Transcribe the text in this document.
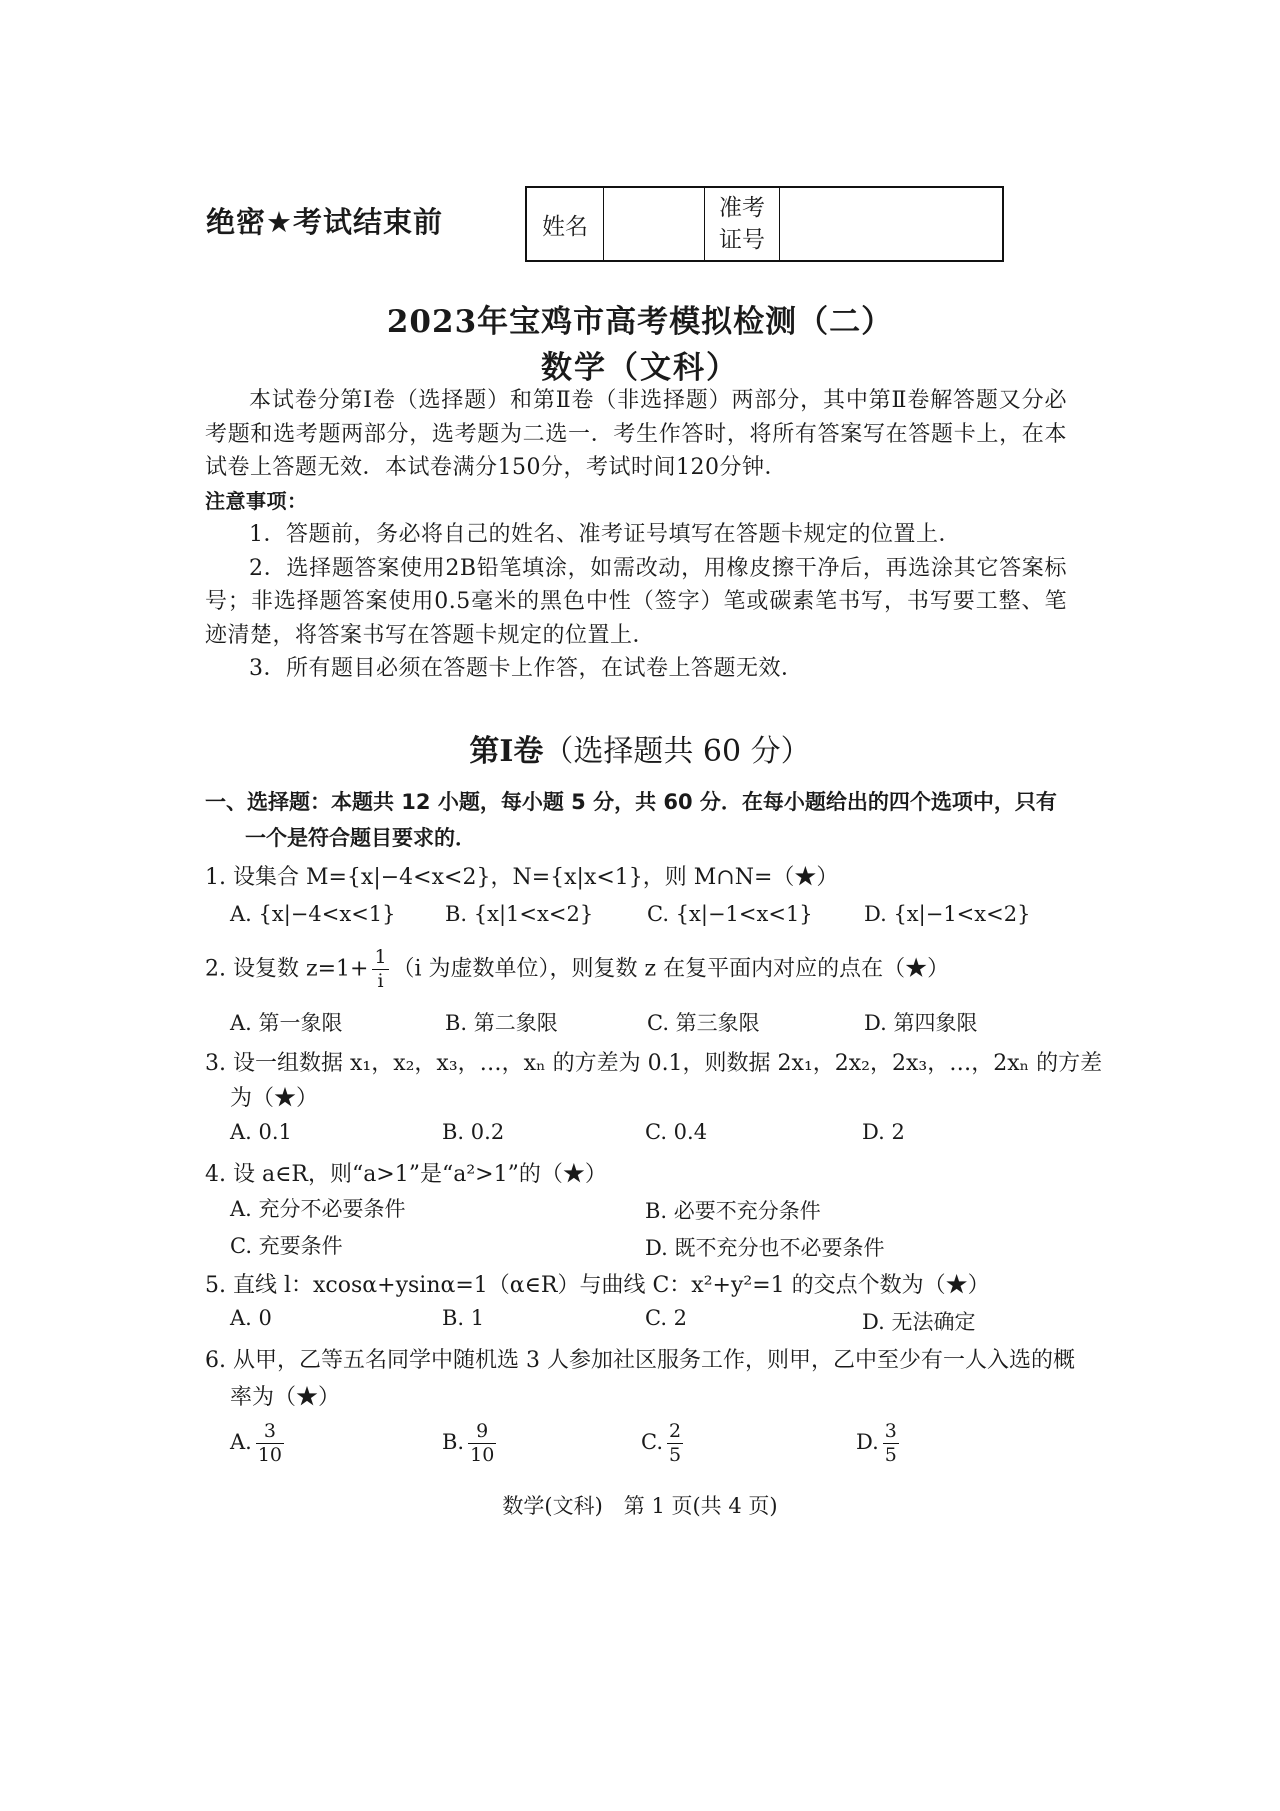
绝密★考试结束前	姓名		准考
证号	
2023年宝鸡市高考模拟检测（二）
数学（文科）

本试卷分第Ⅰ卷（选择题）和第Ⅱ卷（非选择题）两部分，其中第Ⅱ卷解答题又分必考题和选考题两部分，选考题为二选一．考生作答时，将所有答案写在答题卡上，在本试卷上答题无效．本试卷满分150分，考试时间120分钟．

注意事项：

1．答题前，务必将自己的姓名、准考证号填写在答题卡规定的位置上．

2．选择题答案使用2B铅笔填涂，如需改动，用橡皮擦干净后，再选涂其它答案标号；非选择题答案使用0.5毫米的黑色中性（签字）笔或碳素笔书写，书写要工整、笔迹清楚，将答案书写在答题卡规定的位置上．

3．所有题目必须在答题卡上作答，在试卷上答题无效．

第Ⅰ卷（选择题共 60 分）
一、选择题：本题共 12 小题，每小题 5 分，共 60 分．在每小题给出的四个选项中，只有
一个是符合题目要求的．
1. 设集合 M={x|−4<x<2}，N={x|x<1}，则 M∩N=（★）
A. {x|−4<x<1} B. {x|1<x<2}	C. {x|−1<x<1} D. {x|−1<x<2}
2. 设复数 $z=1+ \frac{1}{i} (i$ 为虚数单位），则复数 z 在复平面内对应的点在（★）
A. 第一象限	B. 第二象限	C. 第三象限	D. 第四象限
3. 设一组数据 x₁，x₂，x₃，…，xₙ 的方差为 0.1，则数据 2x₁，2x₂，2x₃，…，2xₙ 的方差
为（★）
A. 0.1	B. 0.2	C. 0.4	D. 2
4. 设 a∈R，则“a>1”是“a²>1”的（★）
A. 充分不必要条件	B. 必要不充分条件
C. 充要条件	D. 既不充分也不必要条件
5. 直线 l：xcosα+ysinα=1（α∈R）与曲线 C：x²+y²=1 的交点个数为（★）
A. 0	B. 1	C. 2	D. 无法确定
6. 从甲，乙等五名同学中随机选 3 人参加社区服务工作，则甲，乙中至少有一人入选的概
率为（★）
A. $\frac{3}{10}$	B. $\frac{9}{10}$	C. $\frac{2}{5}$	D. $\frac{3}{5}$
数学(文科)　第 1 页(共 4 页)
